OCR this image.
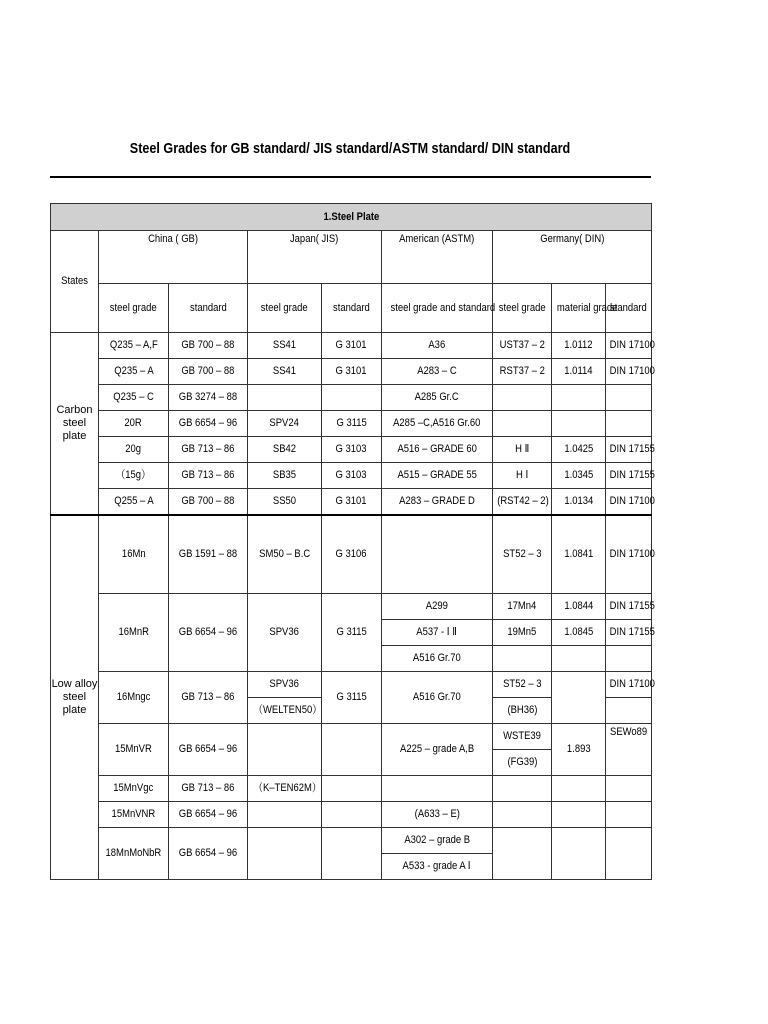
Steel Grades for GB standard/ JIS standard/ASTM standard/ DIN standard
1.Steel Plate								
States	China ( GB)		Japan( JIS)		American (ASTM)	Germany( DIN)		
	steel grade	standard	steel grade	standard	steel grade and standard	steel grade	material grade	standard
Carbon steel plate	Q235 – A,F	GB 700 – 88	SS41	G 3101	A36	UST37 – 2	1.0112	DIN 17100
	Q235 – A	GB 700 – 88	SS41	G 3101	A283 – C	RST37 – 2	1.0114	DIN 17100
	Q235 – C	GB 3274 – 88			A285 Gr.C			
	20R	GB 6654 – 96	SPV24	G 3115	A285 –C,A516 Gr.60			
	20g	GB 713 – 86	SB42	G 3103	A516 – GRADE 60	H Ⅱ	1.0425	DIN 17155
	（15g）	GB 713 – 86	SB35	G 3103	A515 – GRADE 55	H Ⅰ	1.0345	DIN 17155
	Q255 – A	GB 700 – 88	SS50	G 3101	A283 – GRADE D	(RST42 – 2)	1.0134	DIN 17100
Low alloy steel plate	16Mn	GB 1591 – 88	SM50 – B.C	G 3106		ST52 – 3	1.0841	DIN 17100
	16MnR	GB 6654 – 96	SPV36	G 3115	A299	17Mn4	1.0844	DIN 17155
					A537 - Ⅰ Ⅱ	19Mn5	1.0845	DIN 17155
					A516 Gr.70			
	16Mngc	GB 713 – 86	SPV36	G 3115	A516 Gr.70	ST52 – 3		DIN 17100
			（WELTEN50）			(BH36)		
	15MnVR	GB 6654 – 96			A225 – grade A,B	WSTE39	1.893	SEWo89
						(FG39)		
	15MnVgc	GB 713 – 86	（K–TEN62M）					
	15MnVNR	GB 6654 – 96			(A633 – E)			
	18MnMoNbR	GB 6654 – 96			A302 – grade B			
					A533 - grade A Ⅰ			
